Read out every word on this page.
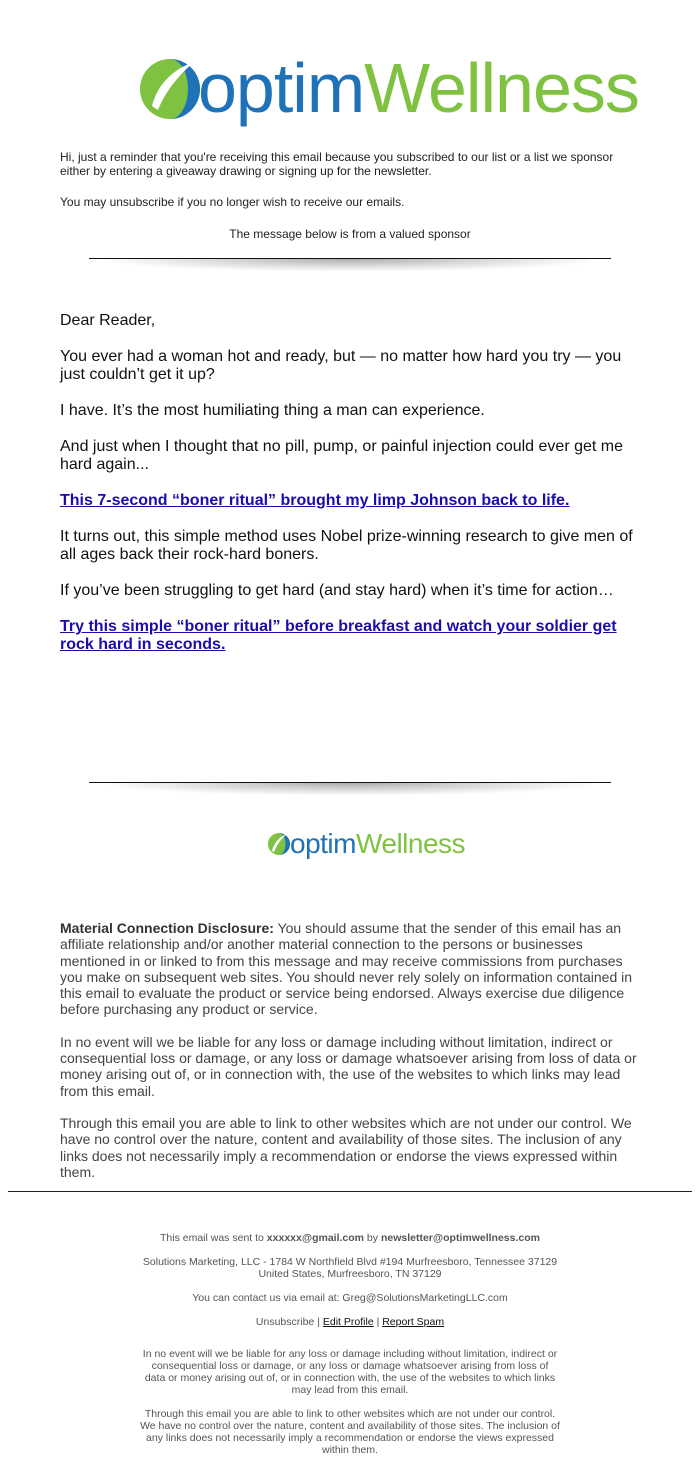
optimWellness

Hi, just a reminder that you're receiving this email because you subscribed to our list or a list we sponsor either by entering a giveaway drawing or signing up for the newsletter.

You may unsubscribe if you no longer wish to receive our emails.

The message below is from a valued sponsor

Dear Reader,

You ever had a woman hot and ready, but — no matter how hard you try — you just couldn’t get it up?

I have. It’s the most humiliating thing a man can experience.

And just when I thought that no pill, pump, or painful injection could ever get me hard again...

This 7-second “boner ritual” brought my limp Johnson back to life.

It turns out, this simple method uses Nobel prize-winning research to give men of all ages back their rock-hard boners.

If you’ve been struggling to get hard (and stay hard) when it’s time for action…

Try this simple “boner ritual” before breakfast and watch your soldier get rock hard in seconds.

optimWellness

Material Connection Disclosure: You should assume that the sender of this email has an affiliate relationship and/or another material connection to the persons or businesses mentioned in or linked to from this message and may receive commissions from purchases you make on subsequent web sites. You should never rely solely on information contained in this email to evaluate the product or service being endorsed. Always exercise due diligence before purchasing any product or service.

In no event will we be liable for any loss or damage including without limitation, indirect or consequential loss or damage, or any loss or damage whatsoever arising from loss of data or money arising out of, or in connection with, the use of the websites to which links may lead from this email.

Through this email you are able to link to other websites which are not under our control. We have no control over the nature, content and availability of those sites. The inclusion of any links does not necessarily imply a recommendation or endorse the views expressed within them.

This email was sent to xxxxxx@gmail.com by newsletter@optimwellness.com

Solutions Marketing, LLC - 1784 W Northfield Blvd #194 Murfreesboro, Tennessee 37129 United States, Murfreesboro, TN 37129

You can contact us via email at: Greg@SolutionsMarketingLLC.com

Unsubscribe | Edit Profile | Report Spam

In no event will we be liable for any loss or damage including without limitation, indirect or consequential loss or damage, or any loss or damage whatsoever arising from loss of data or money arising out of, or in connection with, the use of the websites to which links may lead from this email.

Through this email you are able to link to other websites which are not under our control. We have no control over the nature, content and availability of those sites. The inclusion of any links does not necessarily imply a recommendation or endorse the views expressed within them.
